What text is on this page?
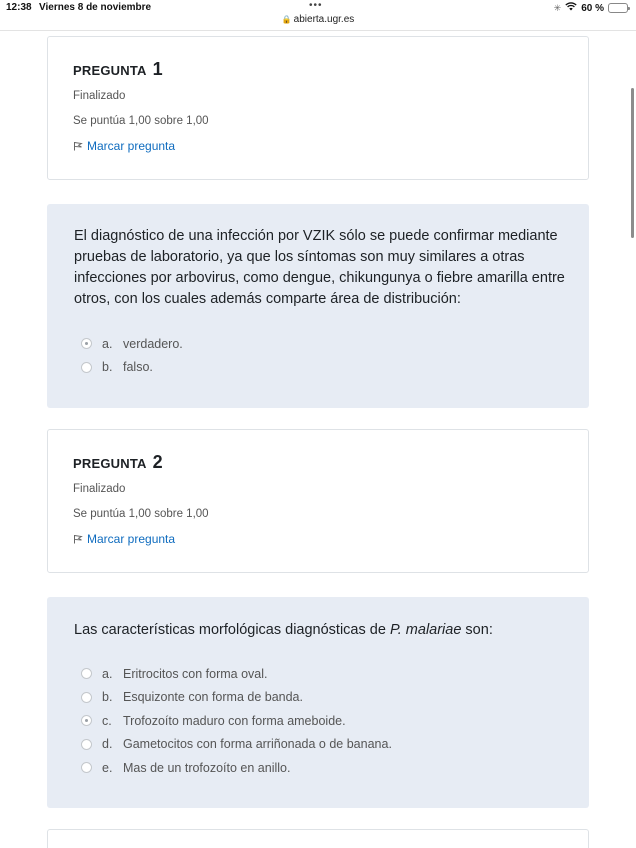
12:38 Viernes 8 de noviembre	•••	✳ 60 %
🔒 abierta.ugr.es
PREGUNTA 1
Finalizado
Se puntúa 1,00 sobre 1,00
Marcar pregunta
El diagnóstico de una infección por VZIK sólo se puede confirmar mediante pruebas de laboratorio, ya que los síntomas son muy similares a otras infecciones por arbovirus, como dengue, chikungunya o fiebre amarilla entre otros, con los cuales además comparte área de distribución:
a. verdadero.
b. falso.
PREGUNTA 2
Finalizado
Se puntúa 1,00 sobre 1,00
Marcar pregunta
Las características morfológicas diagnósticas de P. malariae son:
a. Eritrocitos con forma oval.
b. Esquizonte con forma de banda.
c. Trofozoíto maduro con forma ameboide.
d. Gametocitos con forma arriñonada o de banana.
e. Mas de un trofozoíto en anillo.
